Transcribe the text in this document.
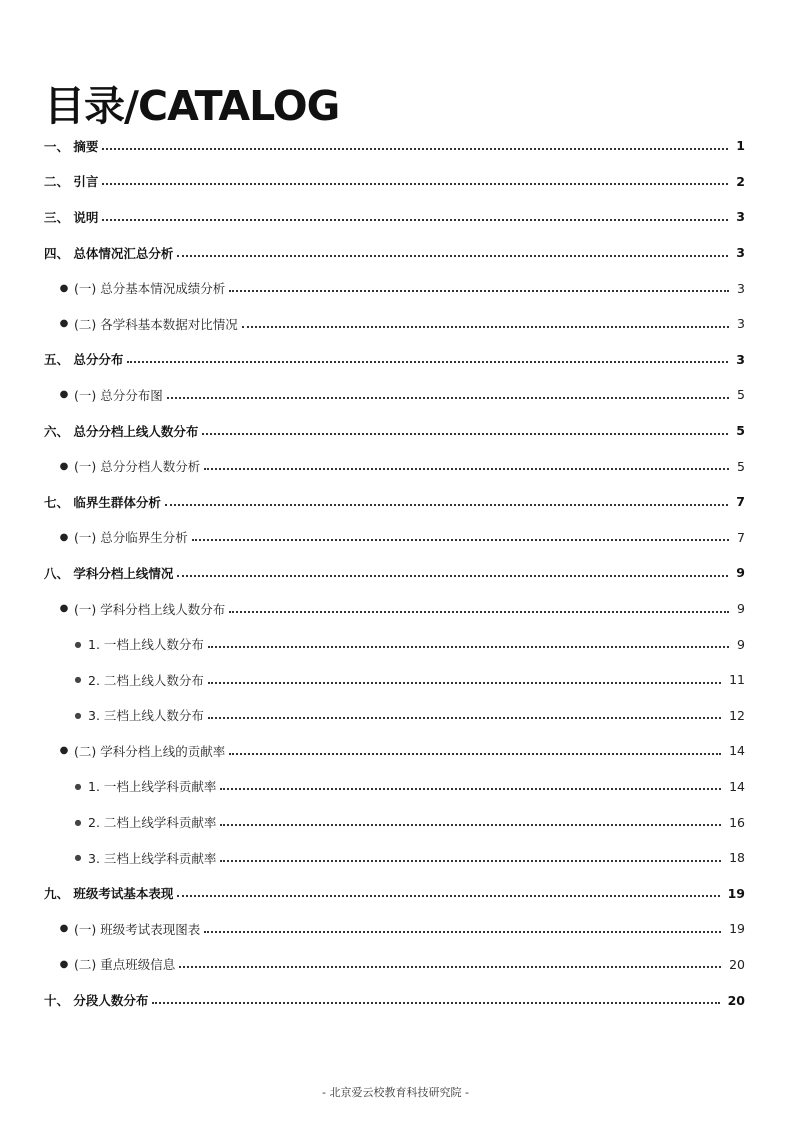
目录/CATALOG
一、 摘要	1
二、 引言	2
三、 说明	3
四、 总体情况汇总分析	3
● (一) 总分基本情况成绩分析	3
● (二) 各学科基本数据对比情况	3
五、 总分分布	3
● (一) 总分分布图	5
六、 总分分档上线人数分布	5
● (一) 总分分档人数分析	5
七、 临界生群体分析	7
● (一) 总分临界生分析	7
八、 学科分档上线情况	9
● (一) 学科分档上线人数分布	9
● 1. 一档上线人数分布	9
● 2. 二档上线人数分布	11
● 3. 三档上线人数分布	12
● (二) 学科分档上线的贡献率	14
● 1. 一档上线学科贡献率	14
● 2. 二档上线学科贡献率	16
● 3. 三档上线学科贡献率	18
九、 班级考试基本表现	19
● (一) 班级考试表现图表	19
● (二) 重点班级信息	20
十、 分段人数分布	20
- 北京爱云校教育科技研究院 -
